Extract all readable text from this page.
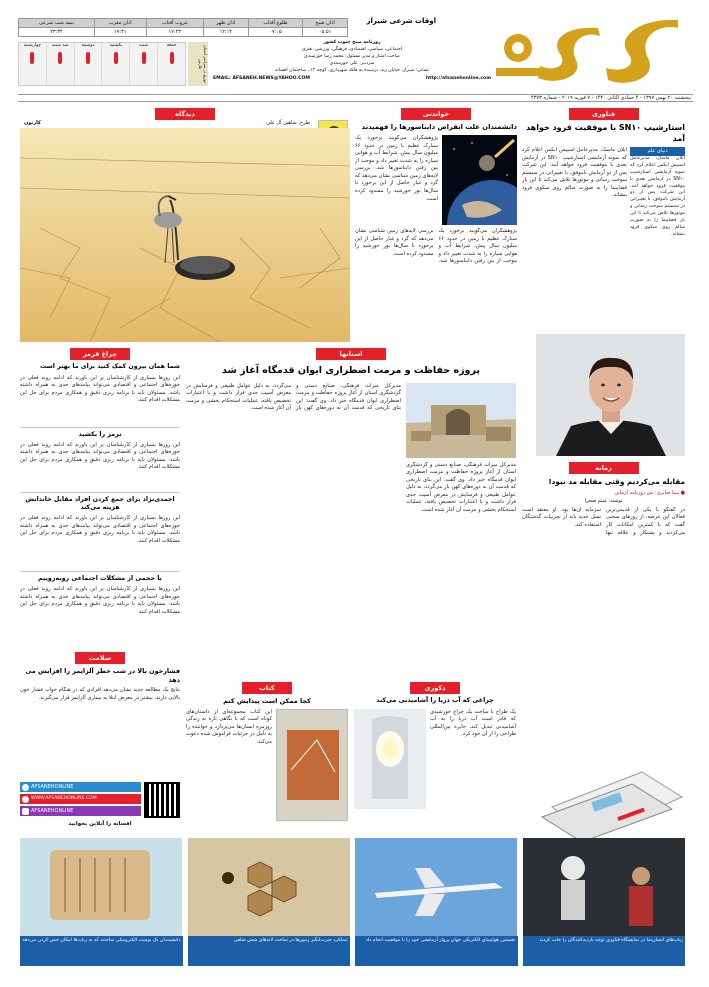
اوقات شرعی شیراز
نیمه شب شرعی	اذان مغرب	غروب آفتاب	اذان ظهر	طلوع آفتاب	اذان صبح
۲۳:۳۴	۱۷:۴۱	۱۷:۲۳	۱۲:۱۴	۰۷:۰۵	۰۵:۵۱
چهارشنبه	سه شنبه	دوشنبه	یکشنبه	شنبه	جمعه	توزیع در سراسر استان فارس
روزنامه صبح جنوب کشور
اجتماعی، سیاسی، اقتصادی، فرهنگی، ورزشی، هنری
صاحب امتیاز و مدیر مسئول: محمد رضا خورسندی
سردبیر: علی خورسندی
نشانی: شیراز، خیابان زند، نرسیده به فلکه شهرداری، کوچه ۱۲ ، ساختمان افسانه
EMAIL: AFSANEH.NEWS@YAHOO.COM	http://afsanehonline.com
پنجشنبه ۲۰ بهمن ۱۳۹۷ - ۴ جمادی الثانی ۱۴۴۰ - ۷ فوریه ۲۰۱۹ - شماره ۴۳۷۳
فناوری
استارشیپ SN۱۰ با موفقیت فرود خواهد آمد
ایلان ماسک، مدیرعامل اسپیس ایکس اعلام کرد که نمونه آزمایشی استارشیپ SN۱۰ در آزمایش بعدی با موفقیت فرود خواهد آمد. این شرکت پس از دو آزمایش ناموفق، با تغییراتی در سیستم سوخت رسانی و موتورها تلاش می‌کند تا این بار فضاپیما را به صورت سالم روی سکوی فرود بنشاند.
دنیای علم
ایلان ماسک، مدیرعامل اسپیس ایکس اعلام کرد که نمونه آزمایشی استارشیپ SN۱۰ در آزمایش بعدی با موفقیت فرود خواهد آمد. این شرکت پس از دو آزمایش ناموفق، با تغییراتی در سیستم سوخت رسانی و موتورها تلاش می‌کند تا این بار فضاپیما را به صورت سالم روی سکوی فرود بنشاند.
خواندنی
دانشمندان علت انقراض دایناسورها را فهمیدند
پژوهشگران می‌گویند برخورد یک سیارک عظیم با زمین در حدود ۶۶ میلیون سال پیش، شرایط آب و هوایی سیاره را به شدت تغییر داد و موجب از بین رفتن دایناسورها شد. بررسی لایه‌های زمین شناسی نشان می‌دهد که گرد و غبار حاصل از این برخورد تا سال‌ها نور خورشید را مسدود کرده است.
پژوهشگران می‌گویند برخورد یک سیارک عظیم با زمین در حدود ۶۶ میلیون سال پیش، شرایط آب و هوایی سیاره را به شدت تغییر داد و موجب از بین رفتن دایناسورها شد. بررسی لایه‌های زمین شناسی نشان می‌دهد که گرد و غبار حاصل از این برخورد تا سال‌ها نور خورشید را مسدود کرده است.
دیدگاه
کارتون	طرح: شاهین آل علی
چراغ قرمز
شما همان بیرون کمک کنید برای ما بهتر است
این روزها بسیاری از کارشناسان بر این باورند که ادامه روند فعلی در حوزه‌های اجتماعی و اقتصادی می‌تواند پیامدهای جدی به همراه داشته باشد. مسئولان باید با برنامه ریزی دقیق و همکاری مردم برای حل این مشکلات اقدام کنند.
ترمز را بکشید
این روزها بسیاری از کارشناسان بر این باورند که ادامه روند فعلی در حوزه‌های اجتماعی و اقتصادی می‌تواند پیامدهای جدی به همراه داشته باشد. مسئولان باید با برنامه ریزی دقیق و همکاری مردم برای حل این مشکلات اقدام کنند.
احمدی‌نژاد برای جمع کردن افراد مقابل خاندانش هزینه می‌کند
این روزها بسیاری از کارشناسان بر این باورند که ادامه روند فعلی در حوزه‌های اجتماعی و اقتصادی می‌تواند پیامدهای جدی به همراه داشته باشد. مسئولان باید با برنامه ریزی دقیق و همکاری مردم برای حل این مشکلات اقدام کنند.
با حجمی از مشکلات اجتماعی روبه‌روییم
این روزها بسیاری از کارشناسان بر این باورند که ادامه روند فعلی در حوزه‌های اجتماعی و اقتصادی می‌تواند پیامدهای جدی به همراه داشته باشد. مسئولان باید با برنامه ریزی دقیق و همکاری مردم برای حل این مشکلات اقدام کنند.
استانها
پروژه حفاظت و مرمت اضطراری ایوان قدمگاه آغاز شد
مدیرکل میراث فرهنگی، صنایع دستی و گردشگری استان از آغاز پروژه حفاظت و مرمت اضطراری ایوان قدمگاه خبر داد. وی گفت: این بنای تاریخی که قدمت آن به دوره‌های کهن باز می‌گردد، به دلیل عوامل طبیعی و فرسایش در معرض آسیب جدی قرار داشت و با اعتبارات تخصیص یافته، عملیات استحکام بخشی و مرمت آن آغاز شده است.
مدیرکل میراث فرهنگی، صنایع دستی و گردشگری استان از آغاز پروژه حفاظت و مرمت اضطراری ایوان قدمگاه خبر داد. وی گفت: این بنای تاریخی که قدمت آن به دوره‌های کهن باز می‌گردد، به دلیل عوامل طبیعی و فرسایش در معرض آسیب جدی قرار داشت و با اعتبارات تخصیص یافته، عملیات استحکام بخشی و مرمت آن آغاز شده است.
زمانه
مقابله می‌کردیم وقتی مقابله مد نبود!
● مینا صابری: من روزنامه آزمایی
نوشته: میثم صحرا
در گفتگو با یکی از قدیمی‌ترین فعالان این عرصه، از روزهای سختی گفت که با کمترین امکانات کار می‌کردند و پشتکار و علاقه تنها سرمایه آن‌ها بود. او معتقد است نسل جدید باید از تجربیات گذشتگان استفاده کند.
سلامت
فشارخون بالا در شب خطر آلزایمر را افزایش می دهد
نتایج یک مطالعه جدید نشان می‌دهد افرادی که در هنگام خواب فشار خون بالایی دارند، بیشتر در معرض ابتلا به بیماری آلزایمر قرار می‌گیرند.
AFSANEHONLINE
WWW.AFSANEHONLINE.COM
AFSANEHONLINE
افسانه را آنلاین بخوانید
کتاب
کجا ممکن است پیدایش کنم
این کتاب مجموعه‌ای از داستان‌های کوتاه است که با نگاهی تازه به زندگی روزمره انسان‌ها می‌پردازد و خواننده را به تأمل در جزئیات فراموش شده دعوت می‌کند.
دکوری
چراغی که آب دریا را آشامیدنی می‌کند
یک طراح با ساخت یک چراغ خورشیدی که قادر است آب دریا را به آب آشامیدنی تبدیل کند، جایزه بین‌المللی طراحی را از آن خود کرد.
دانشمندان یک پوست الکترونیکی ساختند که به ربات‌ها امکان حس کردن می‌دهد	عملکرد حیرت‌انگیز زنبورها در ساخت لانه‌های شش ضلعی	نخستین هواپیمای الکتریکی جهان پرواز آزمایشی خود را با موفقیت انجام داد	ربات‌های انسان‌نما در نمایشگاه فناوری توجه بازدیدکنندگان را جلب کردند
